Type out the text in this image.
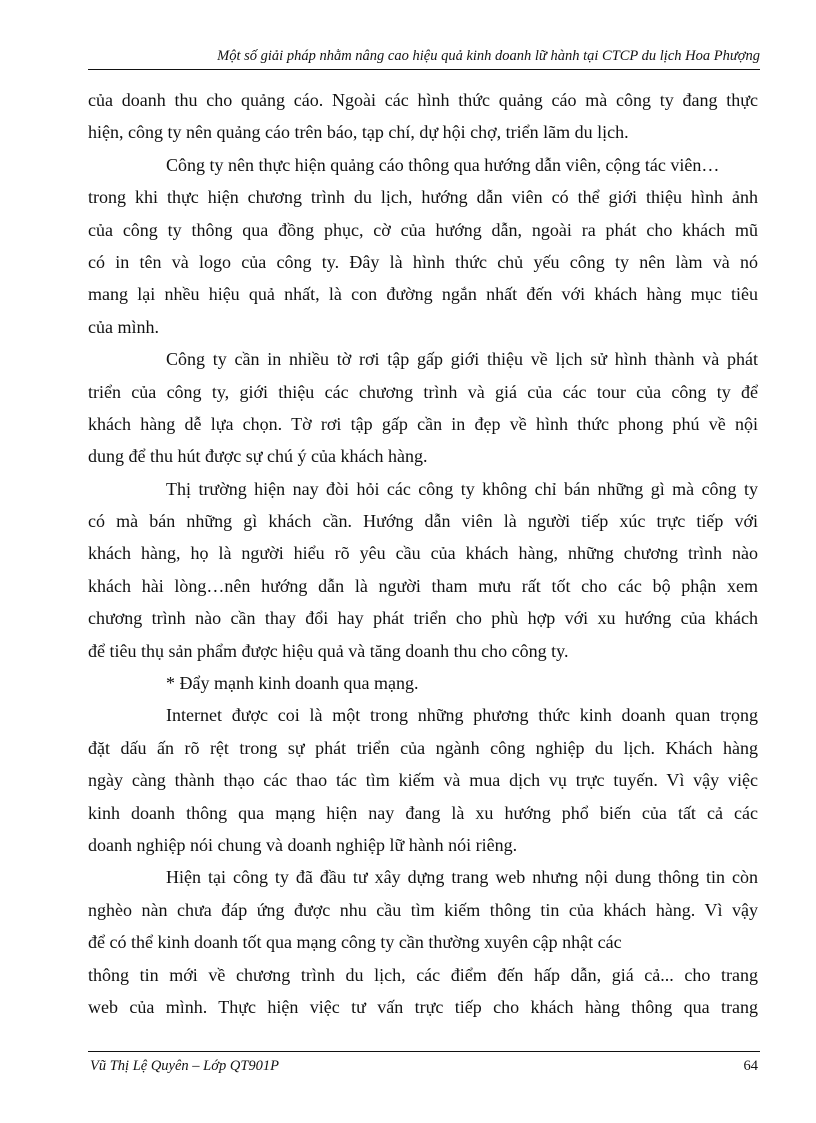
Một số giải pháp nhằm nâng cao hiệu quả kinh doanh lữ hành tại CTCP du lịch Hoa Phượng
của doanh thu cho quảng cáo. Ngoài các hình thức quảng cáo mà công ty đang thực
hiện, công ty nên quảng cáo trên báo, tạp chí, dự hội chợ, triển lãm du lịch.
Công ty nên thực hiện quảng cáo thông qua hướng dẫn viên, cộng tác viên…
trong khi thực hiện chương trình du lịch, hướng dẫn viên có thể giới thiệu hình ảnh
của công ty thông qua đồng phục, cờ của hướng dẫn, ngoài ra phát cho khách mũ
có in tên và logo của công ty. Đây là hình thức chủ yếu công ty nên làm và nó
mang lại nhều hiệu quả nhất, là con đường ngắn nhất đến với khách hàng mục tiêu
của mình.
Công ty cần in nhiều tờ rơi tập gấp giới thiệu về lịch sử hình thành và phát
triển của công ty, giới thiệu các chương trình và giá của các tour của công ty để
khách hàng dễ lựa chọn. Tờ rơi tập gấp cần in đẹp về hình thức phong phú về nội
dung để thu hút được sự chú ý của khách hàng.
Thị trường hiện nay đòi hỏi các công ty không chỉ bán những gì mà công ty
có mà bán những gì khách cần. Hướng dẫn viên là người tiếp xúc trực tiếp với
khách hàng, họ là người hiểu rõ yêu cầu của khách hàng, những chương trình nào
khách hài lòng…nên hướng dẫn là người tham mưu rất tốt cho các bộ phận xem
chương trình nào cần thay đổi hay phát triển cho phù hợp với xu hướng của khách
để tiêu thụ sản phẩm được hiệu quả và tăng doanh thu cho công ty.
* Đẩy mạnh kinh doanh qua mạng.
Internet được coi là một trong những phương thức kinh doanh quan trọng
đặt dấu ấn rõ rệt trong sự phát triển của ngành công nghiệp du lịch. Khách hàng
ngày càng thành thạo các thao tác tìm kiếm và mua dịch vụ trực tuyến. Vì vậy việc
kinh doanh thông qua mạng hiện nay đang là xu hướng phổ biến của tất cả các
doanh nghiệp nói chung và doanh nghiệp lữ hành nói riêng.
Hiện tại công ty đã đầu tư xây dựng trang web nhưng nội dung thông tin còn
nghèo nàn chưa đáp ứng được nhu cầu tìm kiếm thông tin của khách hàng. Vì vậy
để có thể kinh doanh tốt qua mạng công ty cần thường xuyên cập nhật các
thông tin mới về chương trình du lịch, các điểm đến hấp dẫn, giá cả... cho trang
web của mình. Thực hiện việc tư vấn trực tiếp cho khách hàng thông qua trang
Vũ Thị Lệ Quyên – Lớp QT901P	64
